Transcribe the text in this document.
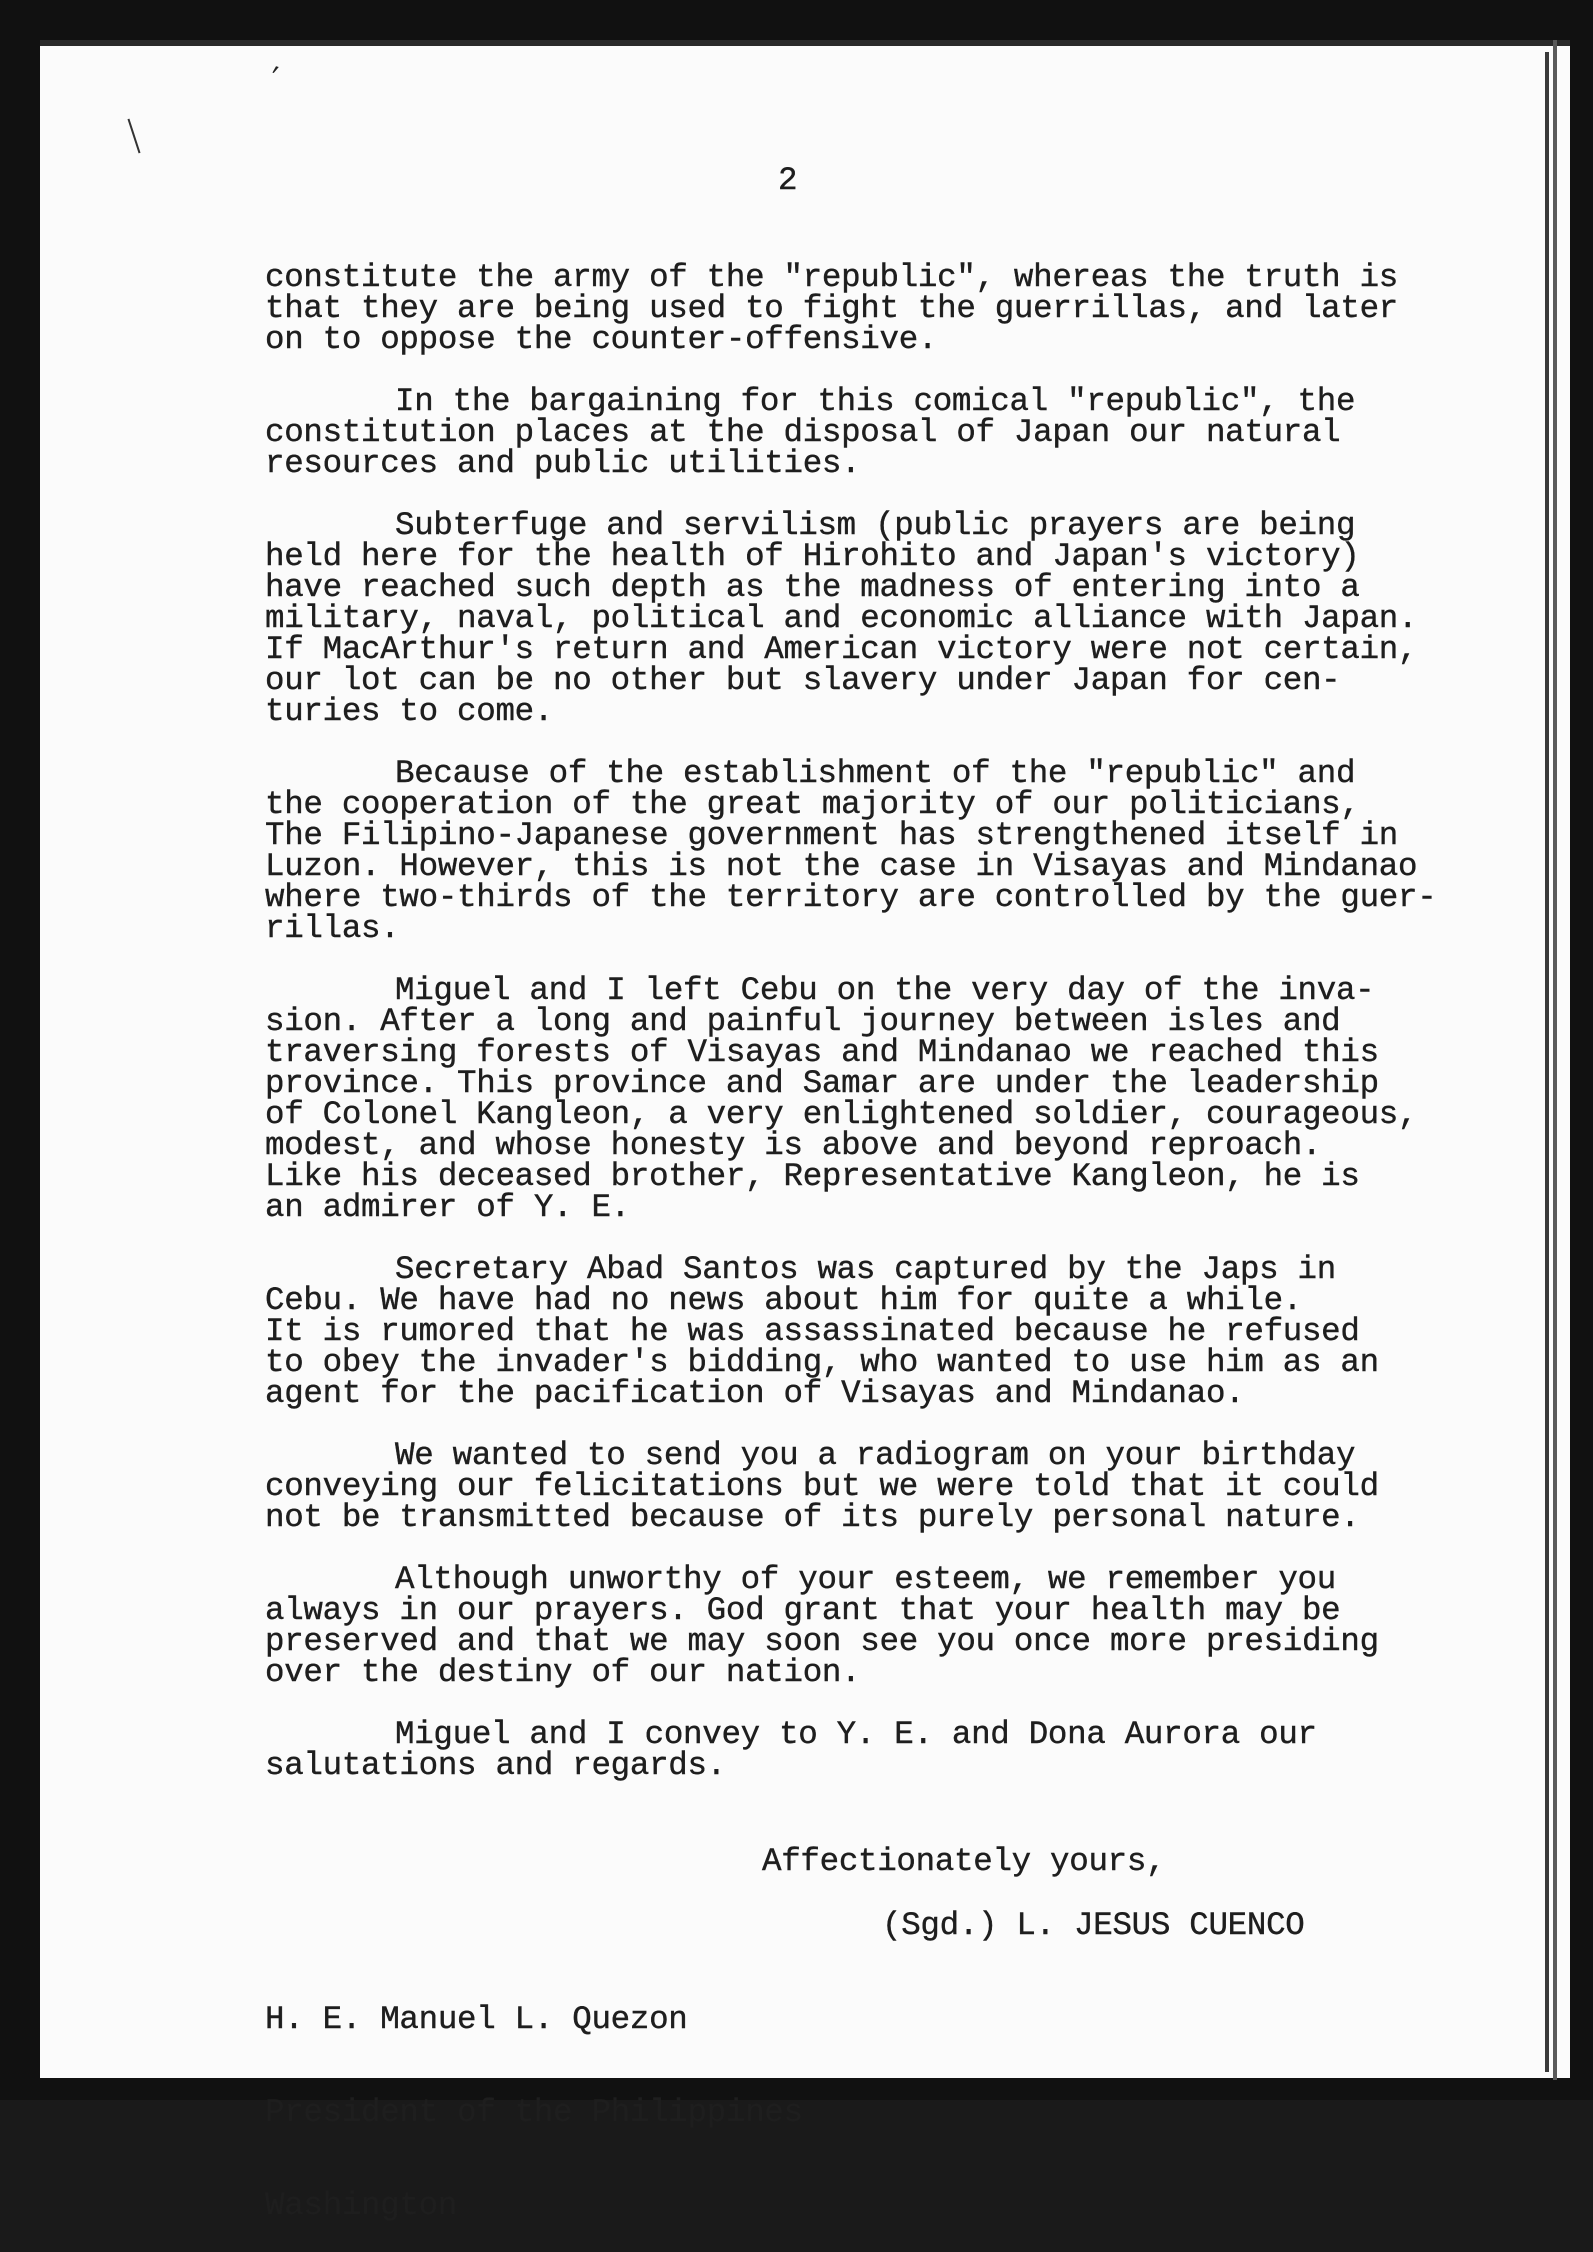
,
2
constitute the army of the "republic", whereas the truth is
that they are being used to fight the guerrillas, and later
on to oppose the counter-offensive.
In the bargaining for this comical "republic", the
constitution places at the disposal of Japan our natural
resources and public utilities.
Subterfuge and servilism (public prayers are being
held here for the health of Hirohito and Japan's victory)
have reached such depth as the madness of entering into a
military, naval, political and economic alliance with Japan.
If MacArthur's return and American victory were not certain,
our lot can be no other but slavery under Japan for cen-
turies to come.
Because of the establishment of the "republic" and
the cooperation of the great majority of our politicians,
The Filipino-Japanese government has strengthened itself in
Luzon. However, this is not the case in Visayas and Mindanao
where two-thirds of the territory are controlled by the guer-
rillas.
Miguel and I left Cebu on the very day of the inva-
sion. After a long and painful journey between isles and
traversing forests of Visayas and Mindanao we reached this
province. This province and Samar are under the leadership
of Colonel Kangleon, a very enlightened soldier, courageous,
modest, and whose honesty is above and beyond reproach.
Like his deceased brother, Representative Kangleon, he is
an admirer of Y. E.
Secretary Abad Santos was captured by the Japs in
Cebu. We have had no news about him for quite a while.
It is rumored that he was assassinated because he refused
to obey the invader's bidding, who wanted to use him as an
agent for the pacification of Visayas and Mindanao.
We wanted to send you a radiogram on your birthday
conveying our felicitations but we were told that it could
not be transmitted because of its purely personal nature.
Although unworthy of your esteem, we remember you
always in our prayers. God grant that your health may be
preserved and that we may soon see you once more presiding
over the destiny of our nation.
Miguel and I convey to Y. E. and Dona Aurora our
salutations and regards.
Affectionately yours,
(Sgd.) L. JESUS CUENCO

H. E. Manuel L. Quezon

President of the Philippines

Washington
